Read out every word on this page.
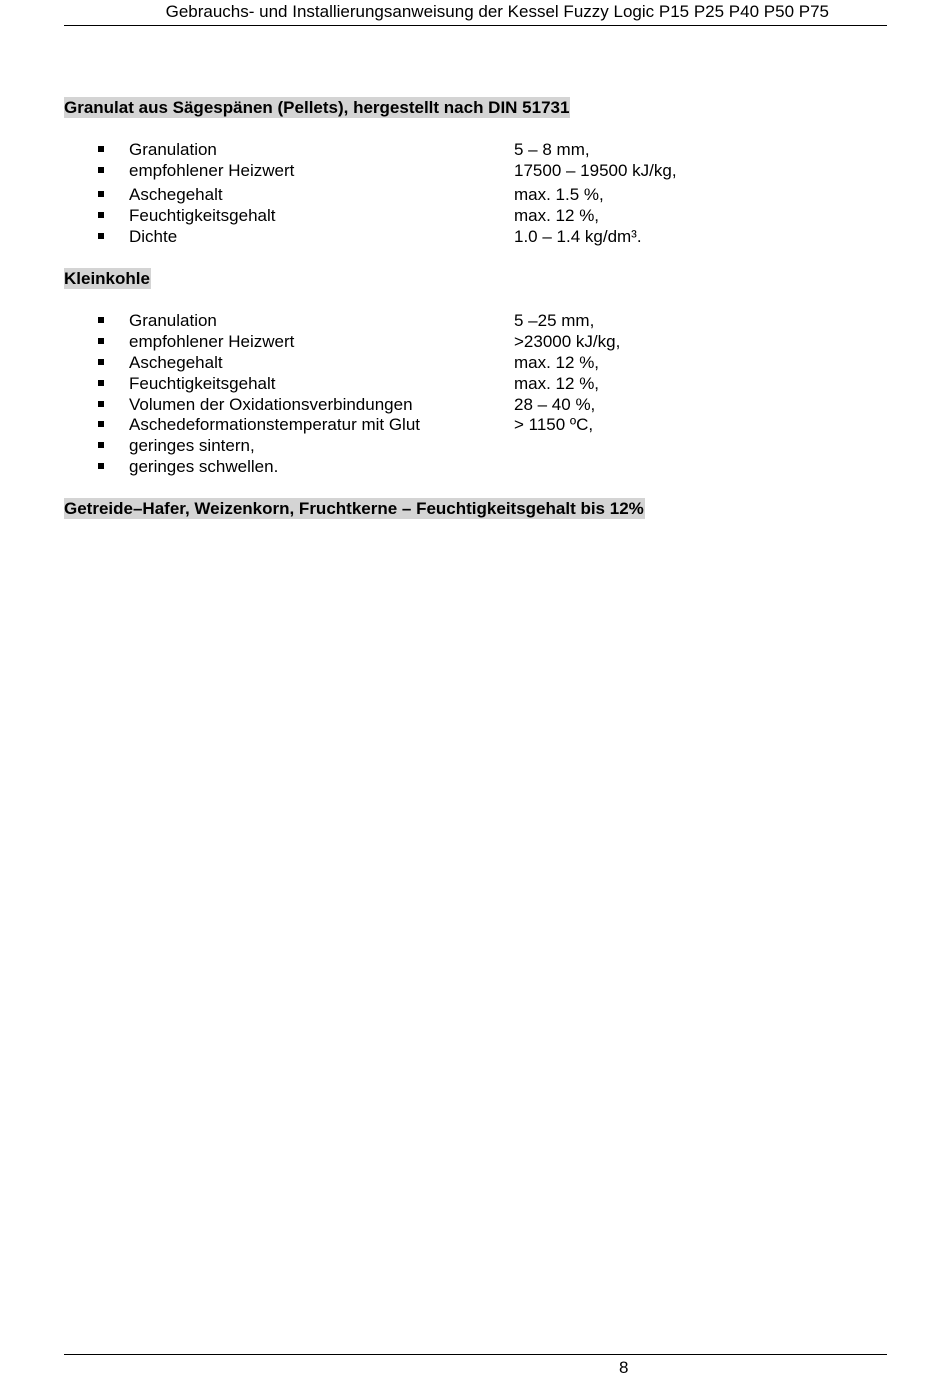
Gebrauchs- und Installierungsanweisung der Kessel Fuzzy Logic P15 P25 P40 P50 P75
Granulat aus Sägespänen (Pellets), hergestellt nach DIN 51731
Granulation	5 – 8 mm,
empfohlener Heizwert	17500 – 19500 kJ/kg,
Aschegehalt	max. 1.5 %,
Feuchtigkeitsgehalt	max. 12 %,
Dichte	1.0 – 1.4 kg/dm³.
Kleinkohle
Granulation	5 –25 mm,
empfohlener Heizwert	>23000 kJ/kg,
Aschegehalt	max. 12 %,
Feuchtigkeitsgehalt	max. 12 %,
Volumen der Oxidationsverbindungen	28 – 40 %,
Aschedeformationstemperatur mit Glut	> 1150 ºC,
geringes sintern,
geringes schwellen.
Getreide–Hafer, Weizenkorn, Fruchtkerne – Feuchtigkeitsgehalt bis 12%
8
